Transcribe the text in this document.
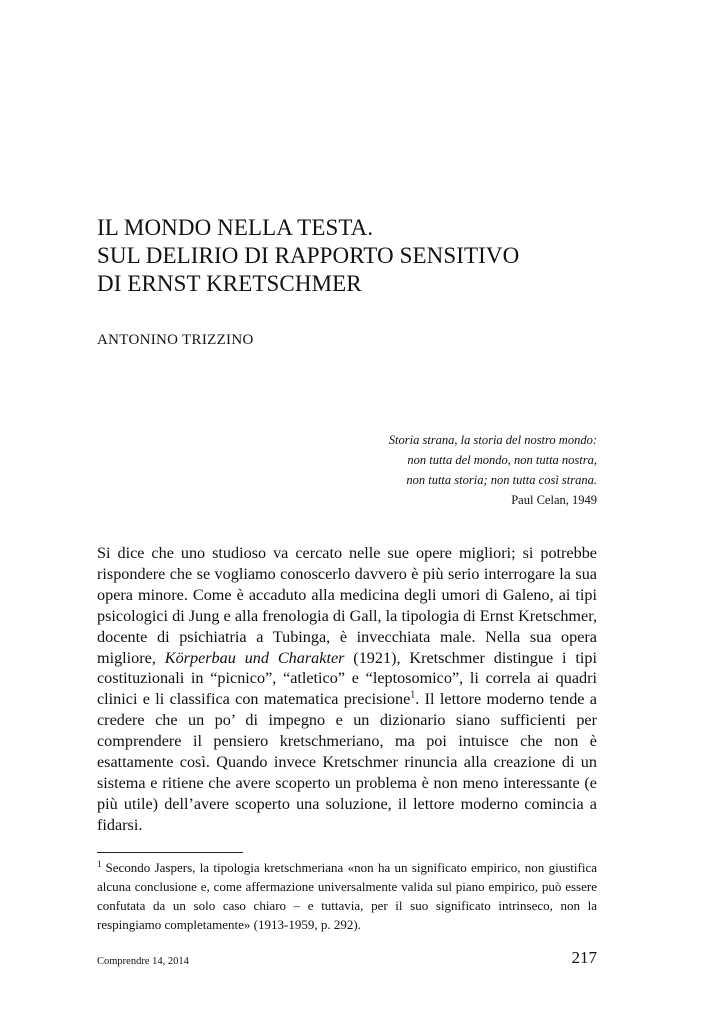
IL MONDO NELLA TESTA.
SUL DELIRIO DI RAPPORTO SENSITIVO
DI ERNST KRETSCHMER
ANTONINO TRIZZINO
Storia strana, la storia del nostro mondo:
non tutta del mondo, non tutta nostra,
non tutta storia; non tutta così strana.
Paul Celan, 1949

Si dice che uno studioso va cercato nelle sue opere migliori; si potrebbe rispondere che se vogliamo conoscerlo davvero è più serio interrogare la sua opera minore. Come è accaduto alla medicina degli umori di Galeno, ai tipi psicologici di Jung e alla frenologia di Gall, la tipologia di Ernst Kretschmer, docente di psichiatria a Tubinga, è invecchiata male. Nella sua opera migliore, Körperbau und Charakter (1921), Kretschmer distingue i tipi costituzionali in “picnico”, “atletico” e “leptosomico”, li correla ai quadri clinici e li classifica con matematica precisione$^1$. Il lettore moderno tende a credere che un po’ di impegno e un dizionario siano sufficienti per comprendere il pensiero kretschmeriano, ma poi intuisce che non è esattamente così. Quando invece Kretschmer rinuncia alla creazione di un sistema e ritiene che avere scoperto un problema è non meno interessante (e più utile) dell’avere scoperto una soluzione, il lettore moderno comincia a fidarsi.

$^1$ Secondo Jaspers, la tipologia kretschmeriana «non ha un significato empirico, non giustifica alcuna conclusione e, come affermazione universalmente valida sul piano empirico, può essere confutata da un solo caso chiaro – e tuttavia, per il suo significato intrinseco, non la respingiamo completamente» (1913-1959, p. 292).

Comprendre 14, 2014	217
